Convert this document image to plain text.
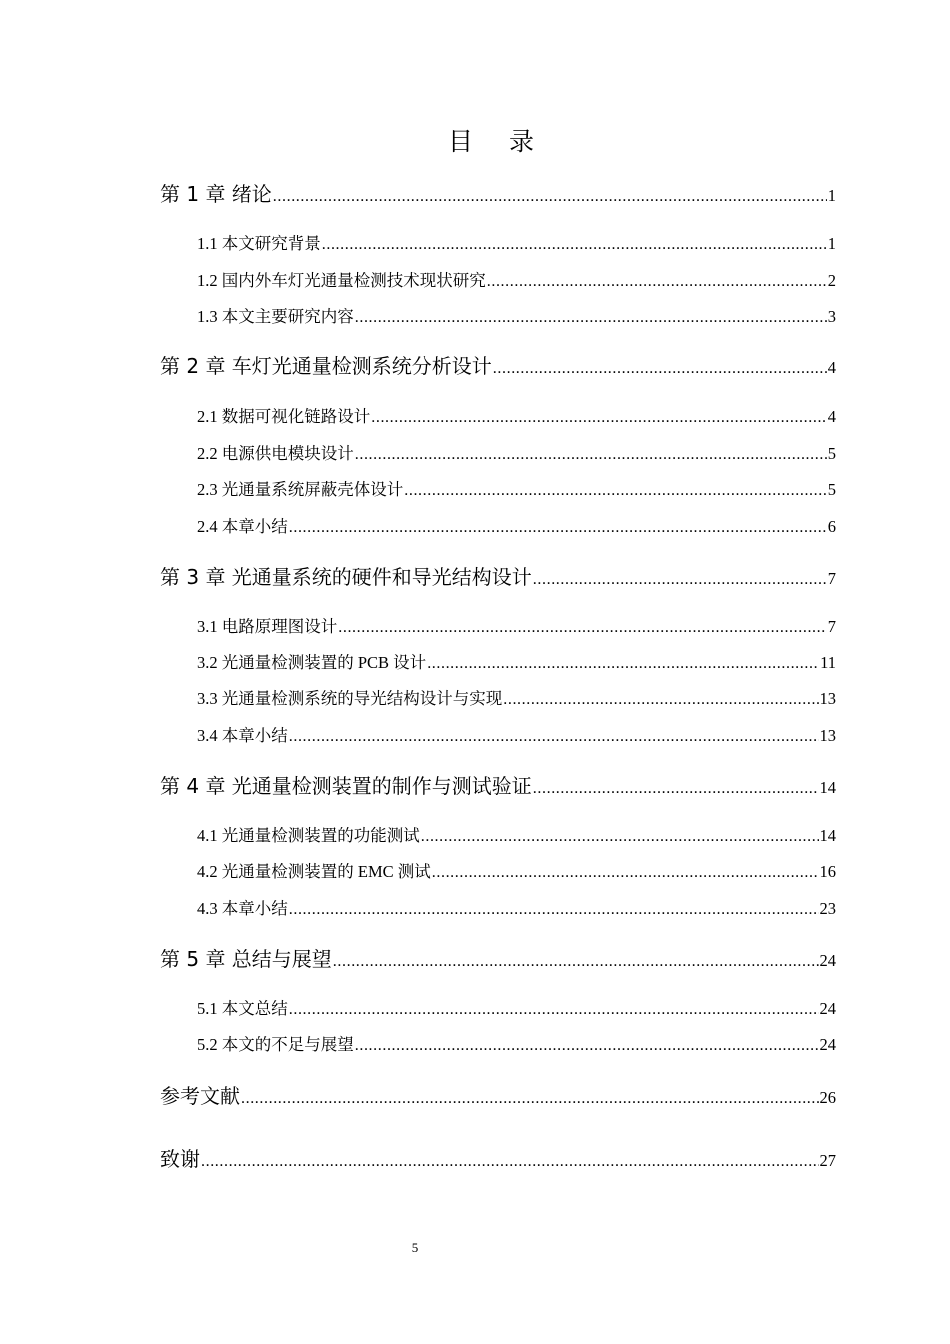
目 录
第 1 章 绪论 .....	1
1.1 本文研究背景 .....	1
1.2 国内外车灯光通量检测技术现状研究 .....	2
1.3 本文主要研究内容 .....	3
第 2 章 车灯光通量检测系统分析设计 .....	4
2.1 数据可视化链路设计 .....	4
2.2 电源供电模块设计 .....	5
2.3 光通量系统屏蔽壳体设计 .....	5
2.4 本章小结 .....	6
第 3 章 光通量系统的硬件和导光结构设计 .....	7
3.1 电路原理图设计 .....	7
3.2 光通量检测装置的 PCB 设计 .....	11
3.3 光通量检测系统的导光结构设计与实现 .....	13
3.4 本章小结 .....	13
第 4 章 光通量检测装置的制作与测试验证 .....	14
4.1 光通量检测装置的功能测试 .....	14
4.2 光通量检测装置的 EMC 测试 .....	16
4.3 本章小结 .....	23
第 5 章 总结与展望 .....	24
5.1 本文总结 .....	24
5.2 本文的不足与展望 .....	24
参考文献 .....	26
致谢 .....	27
5
